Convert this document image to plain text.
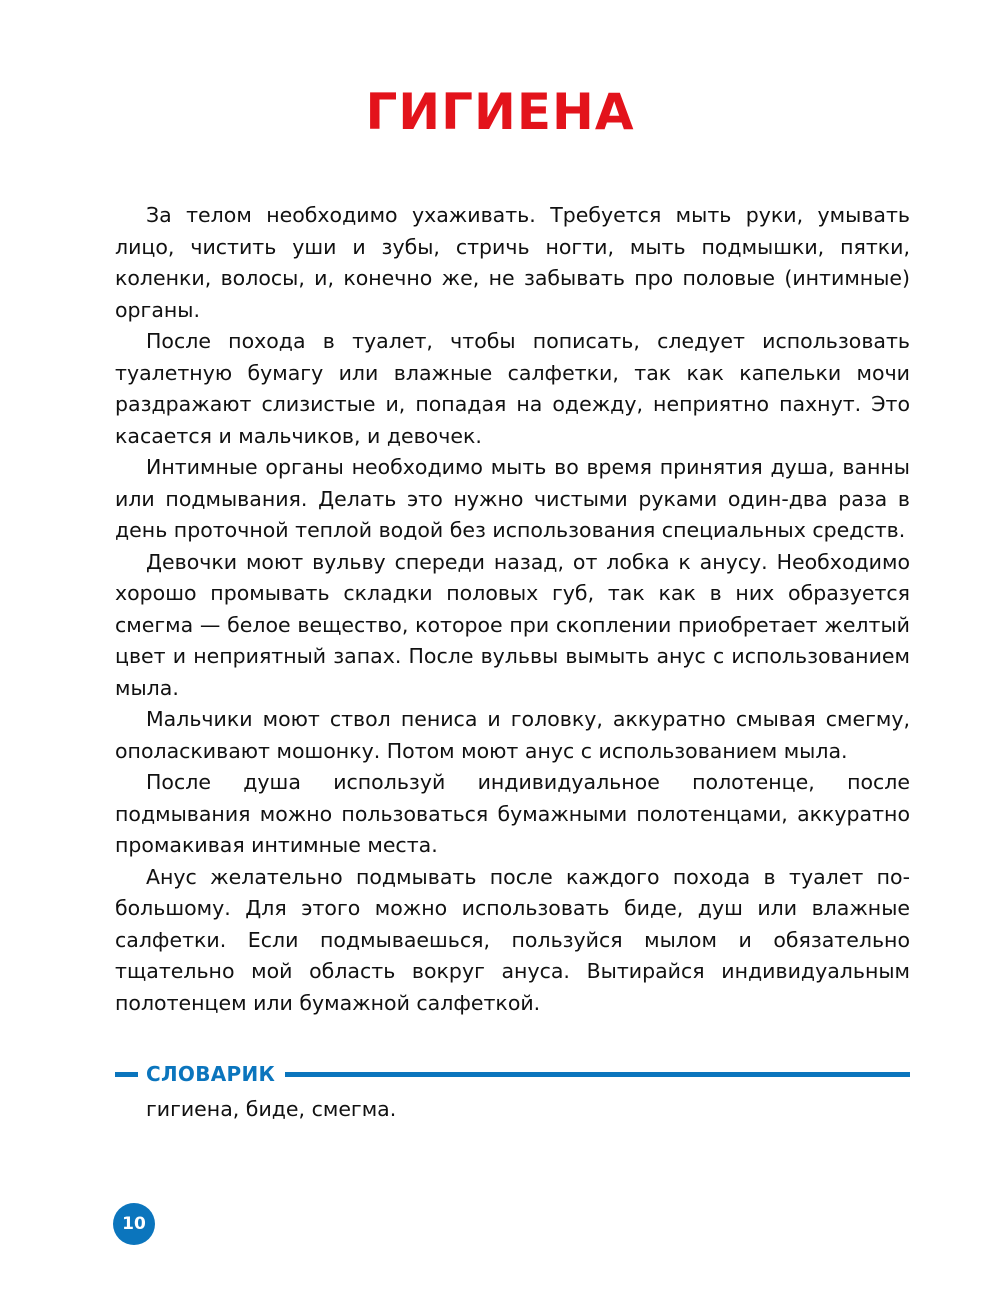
ГИГИЕНА

За телом необходимо ухаживать. Требуется мыть руки, умывать лицо, чистить уши и зубы, стричь ногти, мыть подмышки, пятки, коленки, волосы, и, конечно же, не забывать про половые (интимные) органы.

После похода в туалет, чтобы пописать, следует использовать туалетную бумагу или влажные салфетки, так как капельки мочи раздражают слизистые и, попадая на одежду, неприятно пахнут. Это касается и мальчиков, и девочек.

Интимные органы необходимо мыть во время принятия душа, ванны или подмывания. Делать это нужно чистыми руками один-два раза в день проточной теплой водой без использования специальных средств.

Девочки моют вульву спереди назад, от лобка к анусу. Необходимо хорошо промывать складки половых губ, так как в них образуется смегма — белое вещество, которое при скоплении приобретает желтый цвет и неприятный запах. После вульвы вымыть анус с использованием мыла.

Мальчики моют ствол пениса и головку, аккуратно смывая смегму, ополаскивают мошонку. Потом моют анус с использованием мыла.

После душа используй индивидуальное полотенце, после подмывания можно пользоваться бумажными полотенцами, аккуратно промакивая интимные места.

Анус желательно подмывать после каждого похода в туалет по-большому. Для этого можно использовать биде, душ или влажные салфетки. Если подмываешься, пользуйся мылом и обязательно тщательно мой область вокруг ануса. Вытирайся индивидуальным полотенцем или бумажной салфеткой.

СЛОВАРИК
гигиена, биде, смегма.
10
